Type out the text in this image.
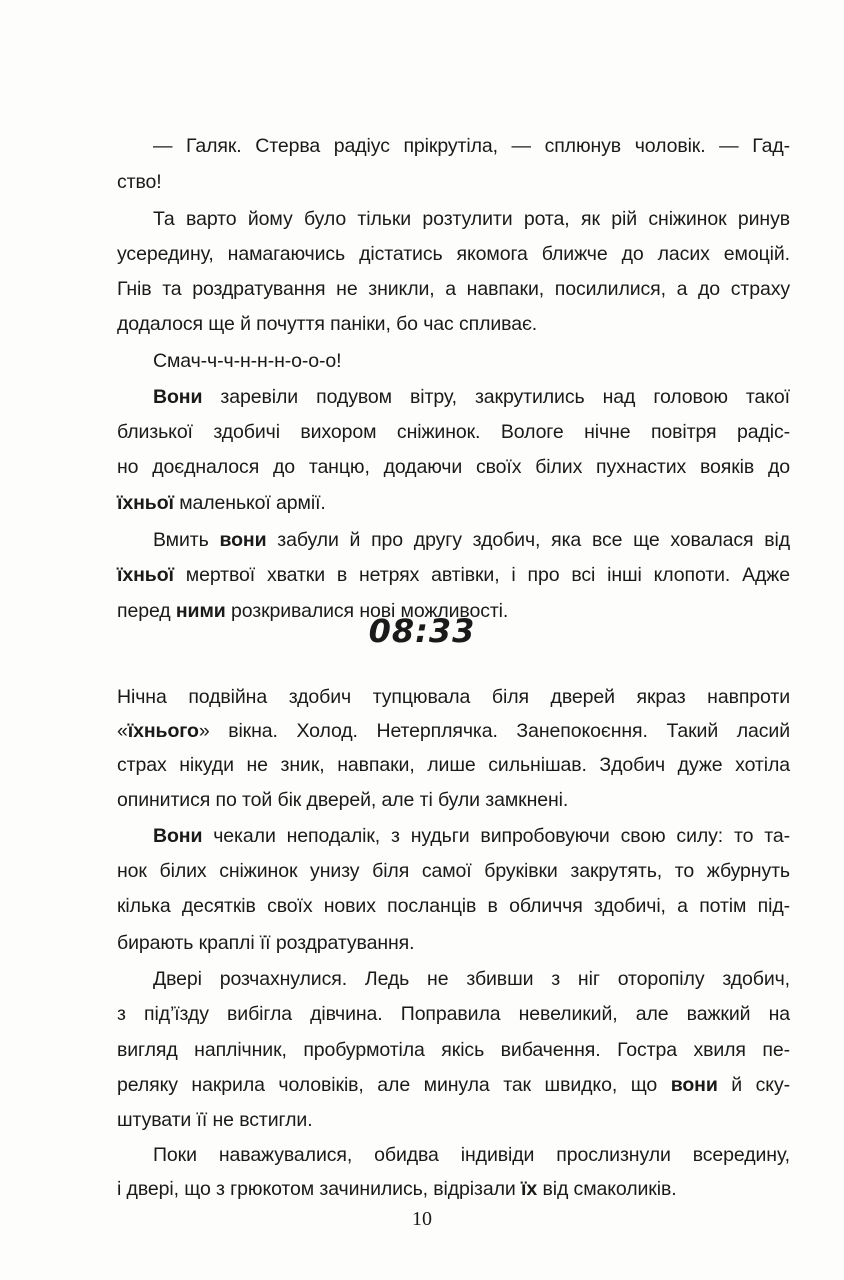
— Галяк. Стерва радіус прікрутіла, — сплюнув чоловік. — Гад-
ство!
Та варто йому було тільки розтулити рота, як рій сніжинок ринув
усередину, намагаючись дістатись якомога ближче до ласих емоцій.
Гнів та роздратування не зникли, а навпаки, посилилися, а до страху
додалося ще й почуття паніки, бо час спливає.
Смач-ч-ч-н-н-н-о-о-о!
Вони заревіли подувом вітру, закрутились над головою такої
близької здобичі вихором сніжинок. Вологе нічне повітря радіс-
но доєдналося до танцю, додаючи своїх білих пухнастих вояків до
їхньої маленької армії.
Вмить вони забули й про другу здобич, яка все ще ховалася від
їхньої мертвої хватки в нетрях автівки, і про всі інші клопоти. Адже
перед ними розкривалися нові можливості.
08:33
Нічна подвійна здобич тупцювала біля дверей якраз навпроти
«їхнього» вікна. Холод. Нетерплячка. Занепокоєння. Такий ласий
страх нікуди не зник, навпаки, лише сильнішав. Здобич дуже хотіла
опинитися по той бік дверей, але ті були замкнені.
Вони чекали неподалік, з нудьги випробовуючи свою силу: то та-
нок білих сніжинок унизу біля самої бруківки закрутять, то жбурнуть
кілька десятків своїх нових посланців в обличчя здобичі, а потім під-
бирають краплі її роздратування.
Двері розчахнулися. Ледь не збивши з ніг оторопілу здобич,
з під’їзду вибігла дівчина. Поправила невеликий, але важкий на
вигляд наплічник, пробурмотіла якісь вибачення. Гостра хвиля пе-
реляку накрила чоловіків, але минула так швидко, що вони й ску-
штувати її не встигли.
Поки наважувалися, обидва індивіди прослизнули всередину,
і двері, що з грюкотом зачинились, відрізали їх від смаколиків.
10
